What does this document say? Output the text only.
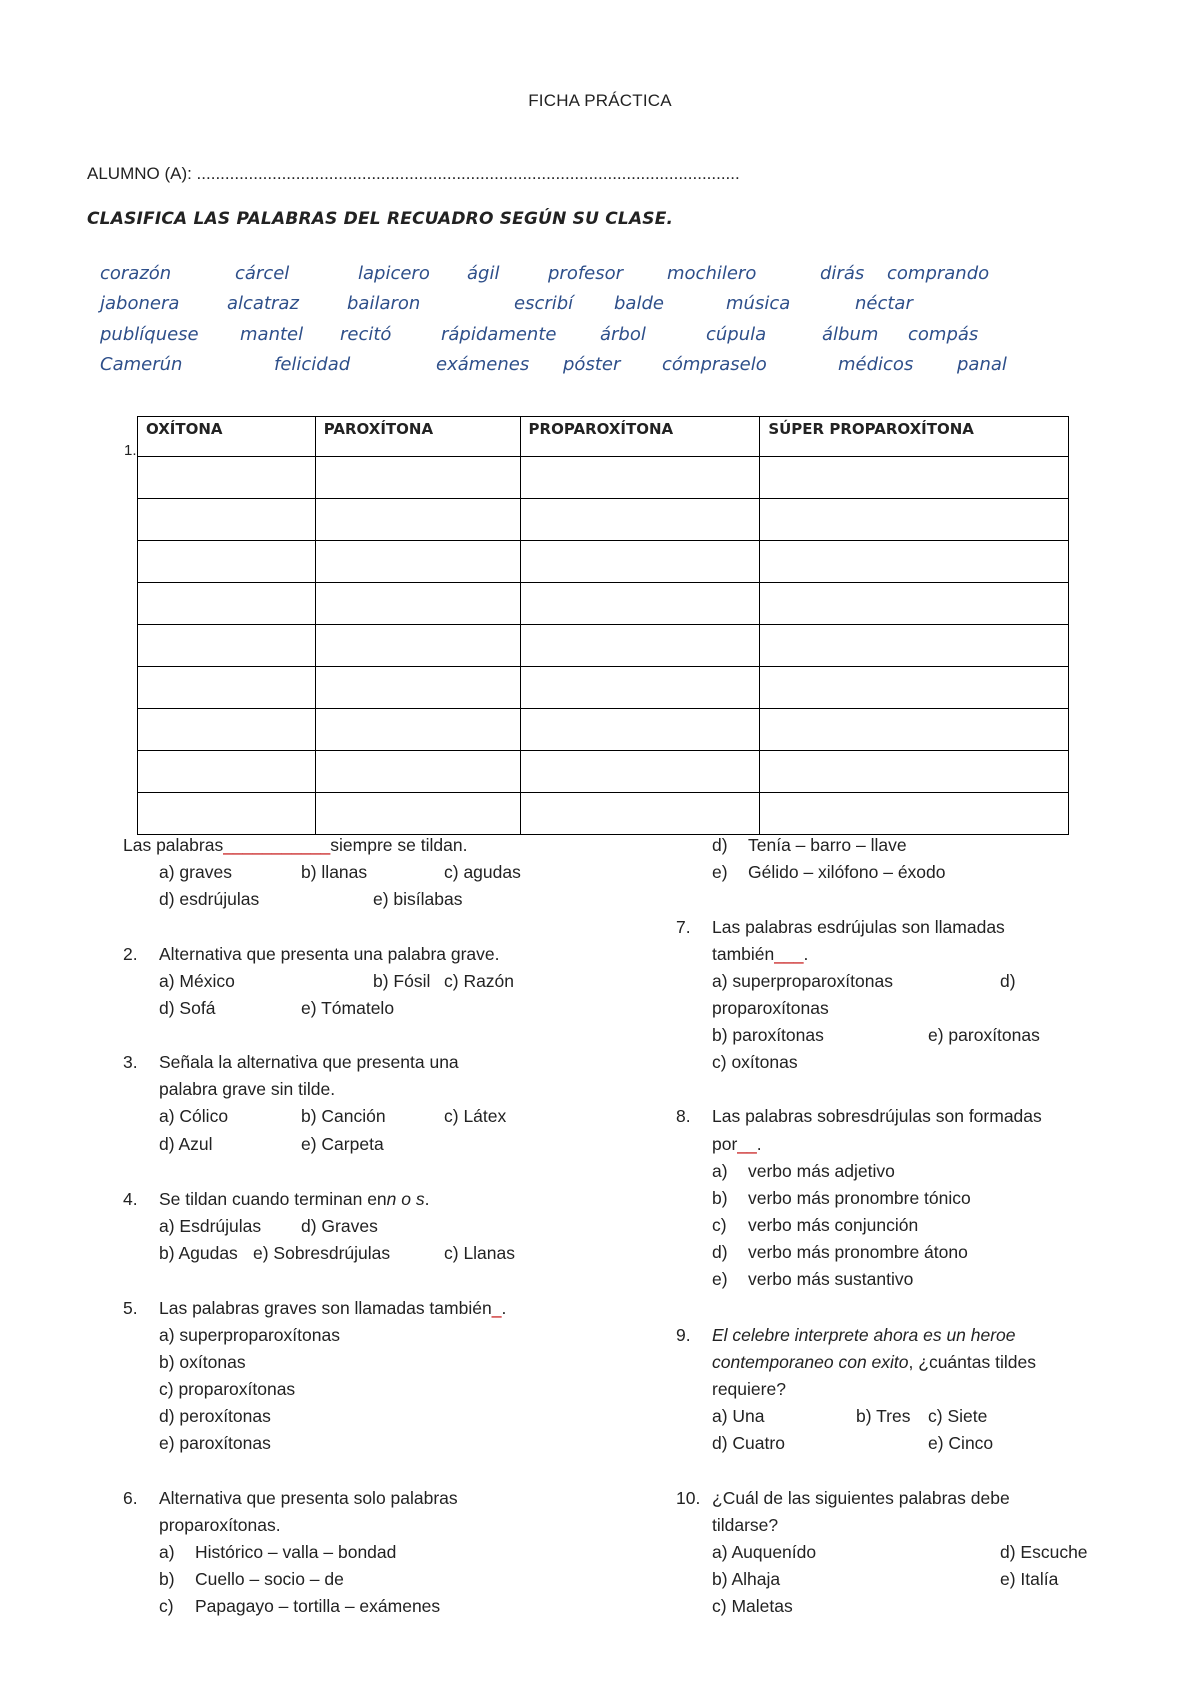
FICHA PRÁCTICA
ALUMNO (A): ...................................................................................................................
CLASIFICA LAS PALABRAS DEL RECUADRO SEGÚN SU CLASE.
corazón	cárcel	lapicero ágil	profesor mochilero	dirás comprando
jabonera	alcatraz	bailaron	escribí balde	música	néctar
publíquese mantel recitó	rápidamente árbol	cúpula	álbum compás
Camerún	felicidad	exámenes póster cómpraselo	médicos panal
1.
OXÍTONA	PAROXÍTONA	PROPAROXÍTONA	SÚPER PROPAROXÍTONA

Las palabras___________siempre se tildan.
a) graves	b) llanas	c) agudas
d) esdrújulas	e) bisílabas
2. Alternativa que presenta una palabra grave.
a) México	b) Fósil c) Razón
d) Sofá	e) Tómatelo
3. Señala la alternativa que presenta una
palabra grave sin tilde.
a) Cólico	b) Canción	c) Látex
d) Azul	e) Carpeta
4. Se tildan cuando terminan enn o s.
a) Esdrújulas d) Graves
b) Agudas e) Sobresdrújulas	c) Llanas
5. Las palabras graves son llamadas también_.
a) superproparoxítonas
b) oxítonas
c) proparoxítonas
d) peroxítonas
e) paroxítonas
6. Alternativa que presenta solo palabras
proparoxítonas.
a) Histórico – valla – bondad
b) Cuello – socio – de
c) Papagayo – tortilla – exámenes
d) Tenía – barro – llave
e) Gélido – xilófono – éxodo
7. Las palabras esdrújulas son llamadas
también___.
a) superproparoxítonas	d)
proparoxítonas
b) paroxítonas	e) paroxítonas
c) oxítonas
8. Las palabras sobresdrújulas son formadas
por__.
a) verbo más adjetivo
b) verbo más pronombre tónico
c) verbo más conjunción
d) verbo más pronombre átono
e) verbo más sustantivo
9. El celebre interprete ahora es un heroe
contemporaneo con exito, ¿cuántas tildes
requiere?
a) Una	b) Tres c) Siete
d) Cuatro	e) Cinco
10. ¿Cuál de las siguientes palabras debe
tildarse?
a) Auquenído	d) Escuche
b) Alhaja	e) Italía
c) Maletas
